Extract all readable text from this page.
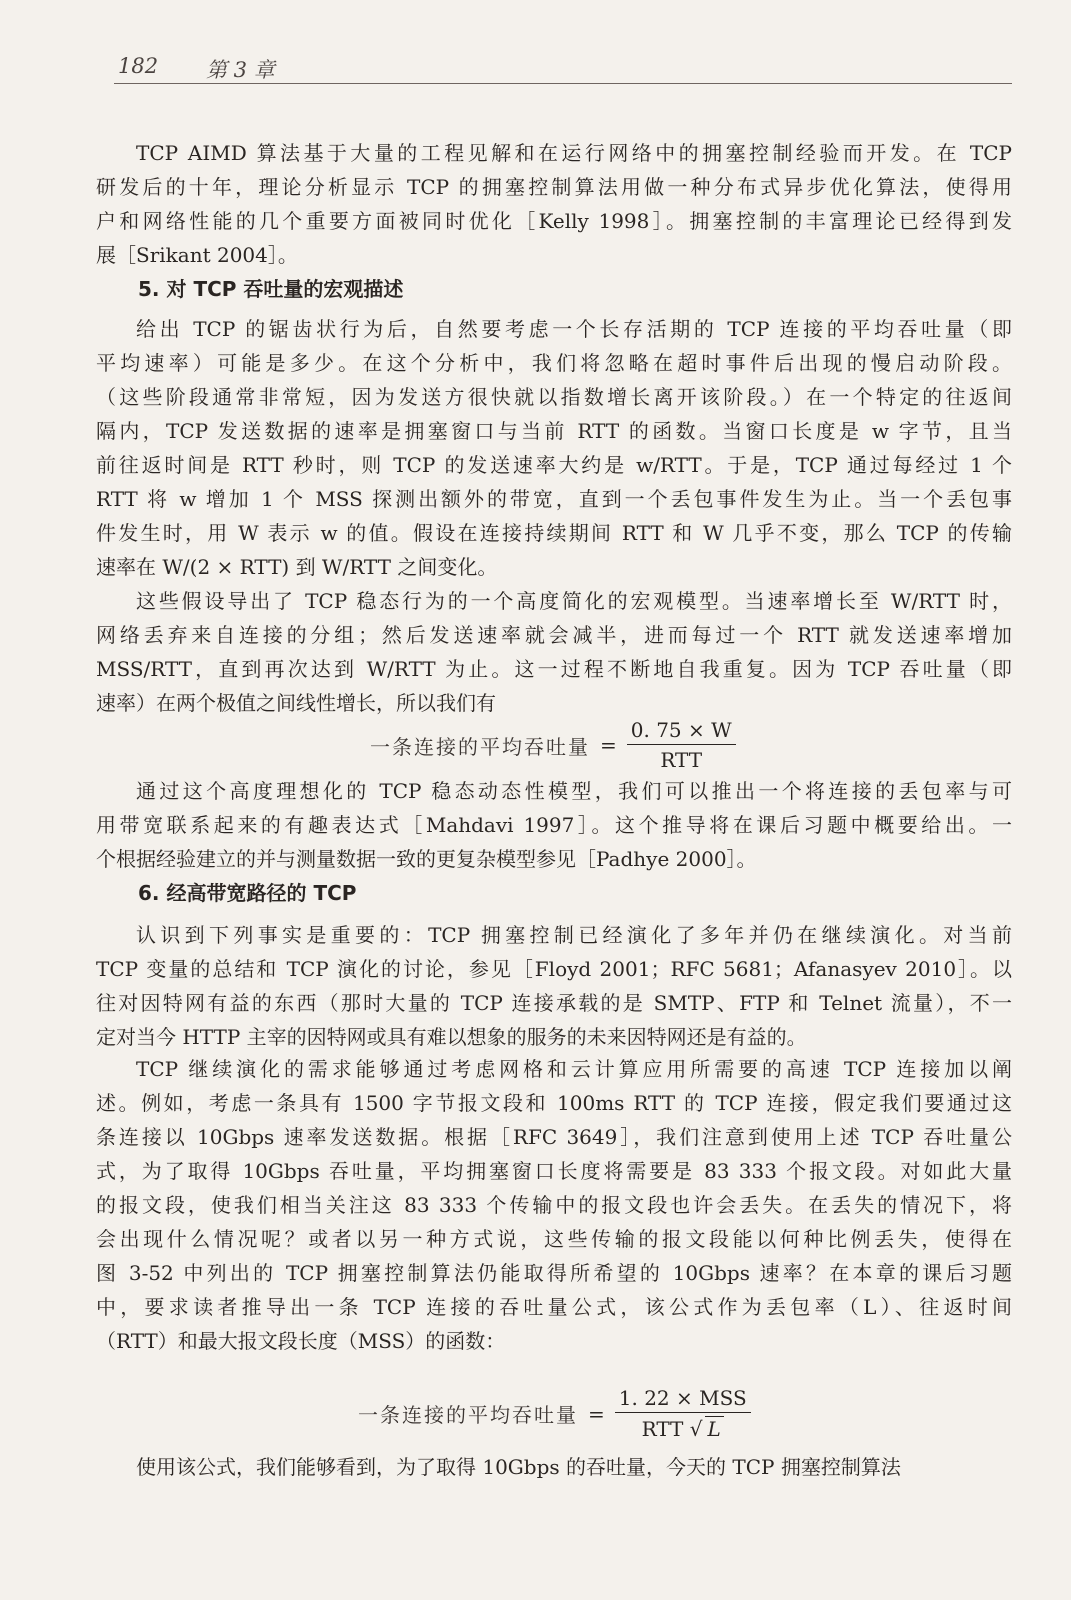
182 第 3 章
TCP AIMD 算法基于大量的工程见解和在运行网络中的拥塞控制经验而开发。在 TCP
研发后的十年，理论分析显示 TCP 的拥塞控制算法用做一种分布式异步优化算法，使得用
户和网络性能的几个重要方面被同时优化［Kelly 1998］。拥塞控制的丰富理论已经得到发
展［Srikant 2004］。
5. 对 TCP 吞吐量的宏观描述
给出 TCP 的锯齿状行为后，自然要考虑一个长存活期的 TCP 连接的平均吞吐量（即
平均速率）可能是多少。在这个分析中，我们将忽略在超时事件后出现的慢启动阶段。
（这些阶段通常非常短，因为发送方很快就以指数增长离开该阶段。）在一个特定的往返间
隔内，TCP 发送数据的速率是拥塞窗口与当前 RTT 的函数。当窗口长度是 w 字节，且当
前往返时间是 RTT 秒时，则 TCP 的发送速率大约是 w/RTT。于是，TCP 通过每经过 1 个
RTT 将 w 增加 1 个 MSS 探测出额外的带宽，直到一个丢包事件发生为止。当一个丢包事
件发生时，用 W 表示 w 的值。假设在连接持续期间 RTT 和 W 几乎不变，那么 TCP 的传输
速率在 W/(2 × RTT) 到 W/RTT 之间变化。
这些假设导出了 TCP 稳态行为的一个高度简化的宏观模型。当速率增长至 W/RTT 时，
网络丢弃来自连接的分组；然后发送速率就会减半，进而每过一个 RTT 就发送速率增加
MSS/RTT，直到再次达到 W/RTT 为止。这一过程不断地自我重复。因为 TCP 吞吐量（即
速率）在两个极值之间线性增长，所以我们有
一条连接的平均吞吐量 = $\frac{0. 75 \times W}{\text{RTT}}$
通过这个高度理想化的 TCP 稳态动态性模型，我们可以推出一个将连接的丢包率与可
用带宽联系起来的有趣表达式［Mahdavi 1997］。这个推导将在课后习题中概要给出。一
个根据经验建立的并与测量数据一致的更复杂模型参见［Padhye 2000］。
6. 经高带宽路径的 TCP
认识到下列事实是重要的：TCP 拥塞控制已经演化了多年并仍在继续演化。对当前
TCP 变量的总结和 TCP 演化的讨论，参见［Floyd 2001；RFC 5681；Afanasyev 2010］。以
往对因特网有益的东西（那时大量的 TCP 连接承载的是 SMTP、FTP 和 Telnet 流量），不一
定对当今 HTTP 主宰的因特网或具有难以想象的服务的未来因特网还是有益的。
TCP 继续演化的需求能够通过考虑网格和云计算应用所需要的高速 TCP 连接加以阐
述。例如，考虑一条具有 1500 字节报文段和 100ms RTT 的 TCP 连接，假定我们要通过这
条连接以 10Gbps 速率发送数据。根据［RFC 3649］，我们注意到使用上述 TCP 吞吐量公
式，为了取得 10Gbps 吞吐量，平均拥塞窗口长度将需要是 83 333 个报文段。对如此大量
的报文段，使我们相当关注这 83 333 个传输中的报文段也许会丢失。在丢失的情况下，将
会出现什么情况呢？或者以另一种方式说，这些传输的报文段能以何种比例丢失，使得在
图 3-52 中列出的 TCP 拥塞控制算法仍能取得所希望的 10Gbps 速率？在本章的课后习题
中，要求读者推导出一条 TCP 连接的吞吐量公式，该公式作为丢包率（L）、往返时间
（RTT）和最大报文段长度（MSS）的函数：
一条连接的平均吞吐量 = $\frac{\text{1. 22 × MSS}}{\text{RTT √ L}}$
使用该公式，我们能够看到，为了取得 10Gbps 的吞吐量，今天的 TCP 拥塞控制算法
